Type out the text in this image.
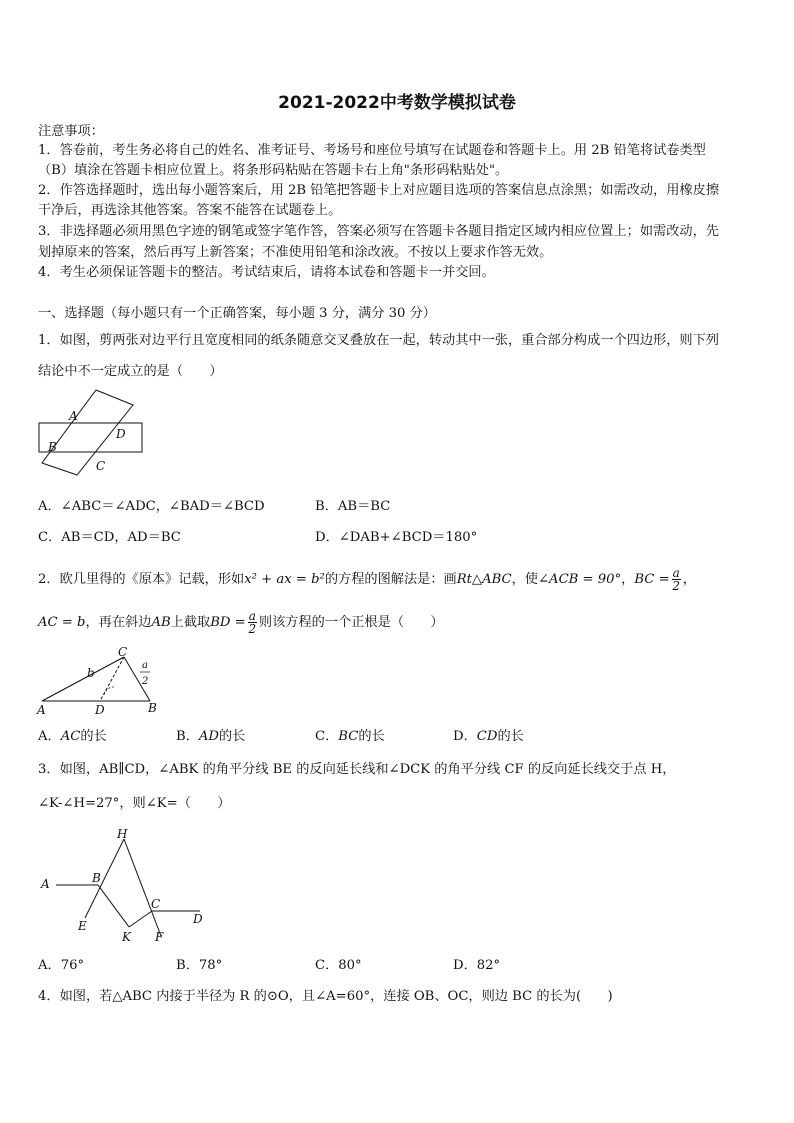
2021-2022中考数学模拟试卷
注意事项：
1．答卷前，考生务必将自己的姓名、准考证号、考场号和座位号填写在试题卷和答题卡上。用 2B 铅笔将试卷类型
（B）填涂在答题卡相应位置上。将条形码粘贴在答题卡右上角"条形码粘贴处"。
2．作答选择题时，选出每小题答案后，用 2B 铅笔把答题卡上对应题目选项的答案信息点涂黑；如需改动，用橡皮擦
干净后，再选涂其他答案。答案不能答在试题卷上。
3．非选择题必须用黑色字迹的钢笔或签字笔作答，答案必须写在答题卡各题目指定区域内相应位置上；如需改动，先
划掉原来的答案，然后再写上新答案；不准使用铅笔和涂改液。不按以上要求作答无效。
4．考生必须保证答题卡的整洁。考试结束后，请将本试卷和答题卡一并交回。
一、选择题（每小题只有一个正确答案，每小题 3 分，满分 30 分）
1．如图，剪两张对边平行且宽度相同的纸条随意交叉叠放在一起，转动其中一张，重合部分构成一个四边形，则下列
结论中不一定成立的是（　　）
A
B
C
D
A．∠ABC＝∠ADC，∠BAD＝∠BCD	B．AB＝BC
C．AB＝CD，AD＝BC	D．∠DAB+∠BCD＝180°
2．欧几里得的《原本》记载，形如x² + ax = b²的方程的图解法是：画Rt△ABC，使∠ACB = 90°，BC = $\frac{a}{2}$ ，
AC = b，再在斜边AB上截取BD = $\frac{a}{2}$ 则该方程的一个正根是（　　）
C
b
a
2
A	D	B
A．AC的长	B．AD的长	C．BC的长	D．CD的长
3．如图，AB∥CD，∠ABK 的角平分线 BE 的反向延长线和∠DCK 的角平分线 CF 的反向延长线交于点 H，
∠K-∠H=27°，则∠K=（　　）
H
A	B
C
D
E
K F
A．76°	B．78°	C．80°	D．82°
4．如图，若△ABC 内接于半径为 R 的⊙O，且∠A=60°，连接 OB、OC，则边 BC 的长为(　　)
